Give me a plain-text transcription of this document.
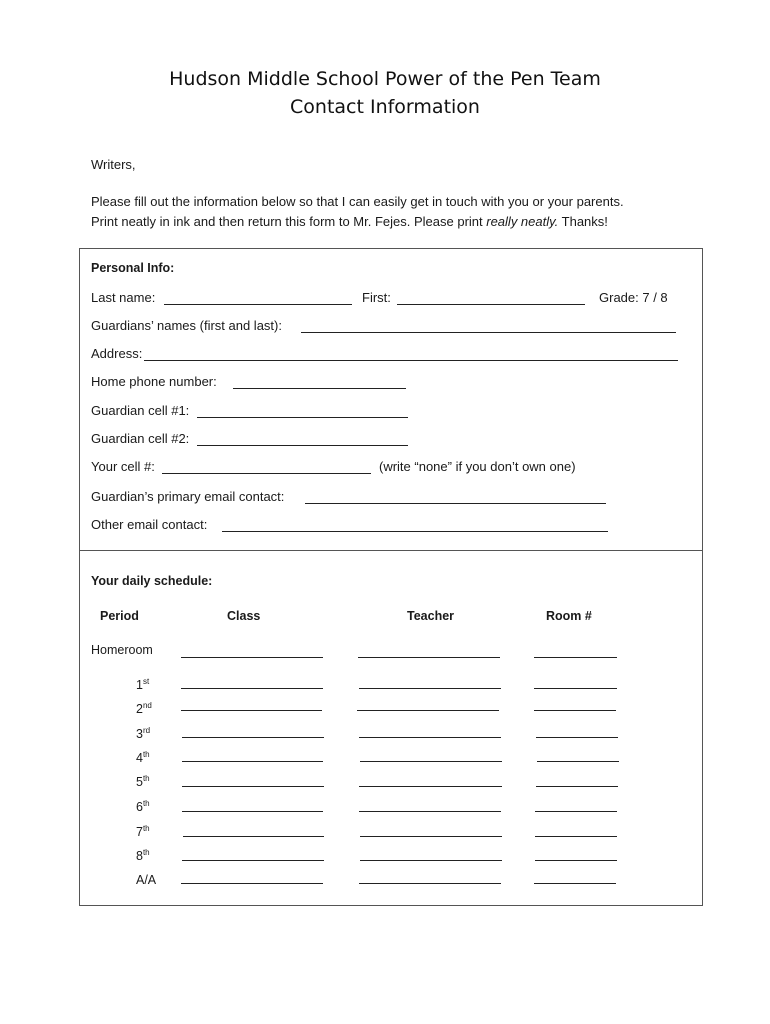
Hudson Middle School Power of the Pen Team
Contact Information
Writers,
Please fill out the information below so that I can easily get in touch with you or your parents.
Print neatly in ink and then return this form to Mr. Fejes. Please print really neatly. Thanks!
Personal Info:
Last name:	First:	Grade: 7 / 8
Guardians’ names (first and last):
Address:
Home phone number:
Guardian cell #1:
Guardian cell #2:
Your cell #:	(write “none” if you don’t own one)
Guardian’s primary email contact:
Other email contact:
Your daily schedule:
Period	Class	Teacher	Room #
Homeroom
1st
2nd
3rd
4th
5th
6th
7th
8th
A/A
